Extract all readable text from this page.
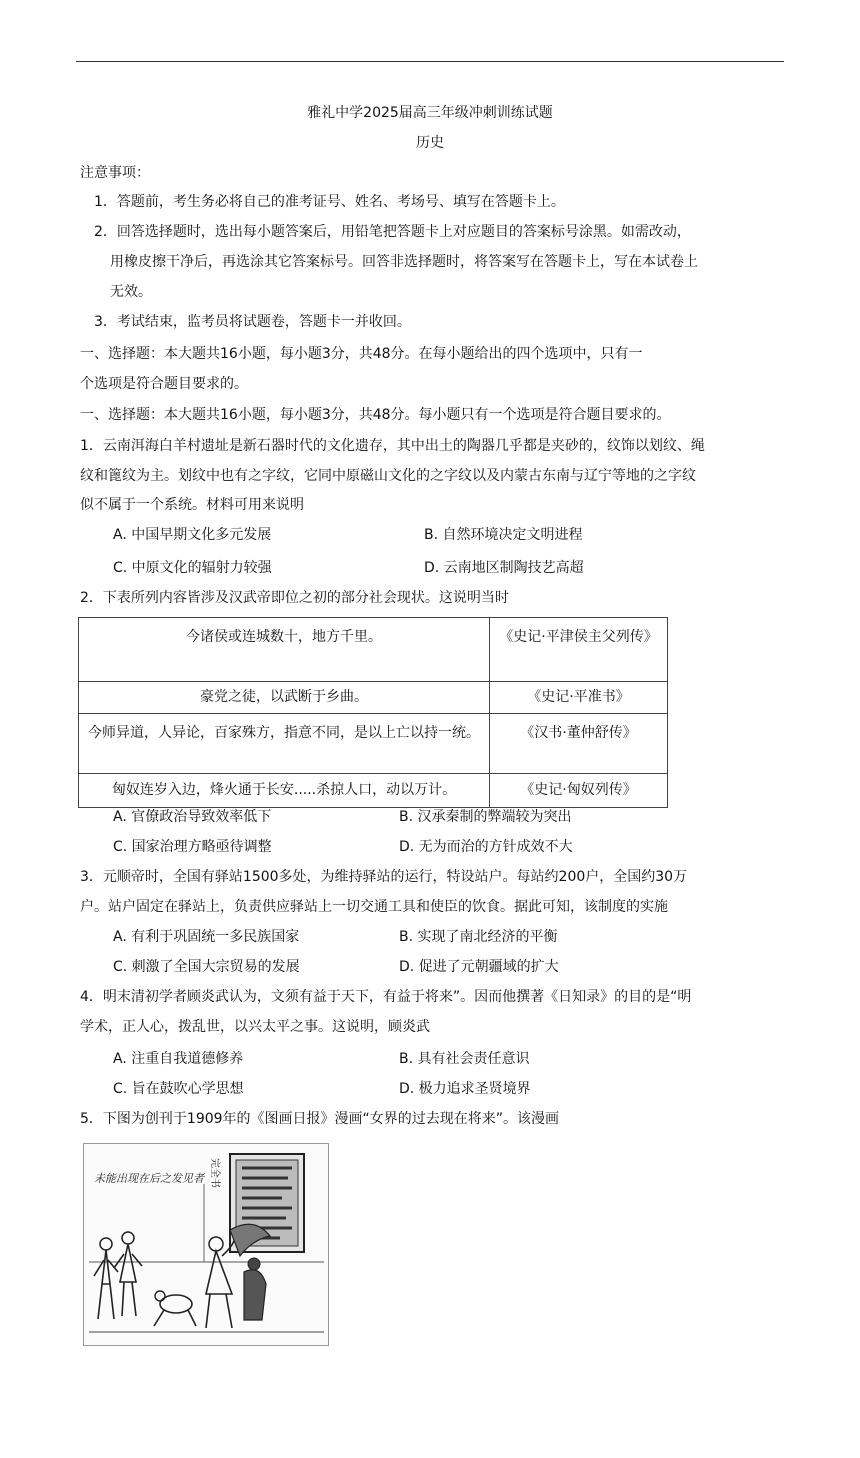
雅礼中学2025届高三年级冲刺训练试题
历史
注意事项：
1．答题前，考生务必将自己的准考证号、姓名、考场号、填写在答题卡上。
2．回答选择题时，选出每小题答案后，用铅笔把答题卡上对应题目的答案标号涂黑。如需改动，
用橡皮擦干净后，再选涂其它答案标号。回答非选择题时，将答案写在答题卡上，写在本试卷上
无效。
3．考试结束，监考员将试题卷，答题卡一并收回。
一、选择题：本大题共16小题，每小题3分，共48分。在每小题给出的四个选项中，只有一
个选项是符合题目要求的。
一、选择题：本大题共16小题，每小题3分，共48分。每小题只有一个选项是符合题目要求的。
1．云南洱海白羊村遗址是新石器时代的文化遗存，其中出土的陶器几乎都是夹砂的，纹饰以划纹、绳
纹和篦纹为主。划纹中也有之字纹，它同中原磁山文化的之字纹以及内蒙古东南与辽宁等地的之字纹
似不属于一个系统。材料可用来说明
A. 中国早期文化多元发展	B. 自然环境决定文明进程
C. 中原文化的辐射力较强	D. 云南地区制陶技艺高超
2．下表所列内容皆涉及汉武帝即位之初的部分社会现状。这说明当时
今诸侯或连城数十，地方千里。	《史记·平津侯主父列传》
豪党之徒，以武断于乡曲。	《史记·平准书》
今师异道，人异论，百家殊方，指意不同，是以上亡以持一统。	《汉书·董仲舒传》
匈奴连岁入边，烽火通于长安.....杀掠人口，动以万计。	《史记·匈奴列传》
A. 官僚政治导致效率低下	B. 汉承秦制的弊端较为突出
C. 国家治理方略亟待调整	D. 无为而治的方针成效不大
3．元顺帝时，全国有驿站1500多处，为维持驿站的运行，特设站户。每站约200户，全国约30万
户。站户固定在驿站上，负责供应驿站上一切交通工具和使臣的饮食。据此可知，该制度的实施
A. 有利于巩固统一多民族国家	B. 实现了南北经济的平衡
C. 刺激了全国大宗贸易的发展	D. 促进了元朝疆域的扩大
4．明末清初学者顾炎武认为，文须有益于天下，有益于将来”。因而他撰著《日知录》的目的是“明
学术，正人心，拨乱世，以兴太平之事。这说明，顾炎武
A. 注重自我道德修养	B. 具有社会责任意识
C. 旨在鼓吹心学思想	D. 极力追求圣贤境界
5．下图为创刊于1909年的《图画日报》漫画“女界的过去现在将来”。该漫画
未能出现在后之发见者 完全书
